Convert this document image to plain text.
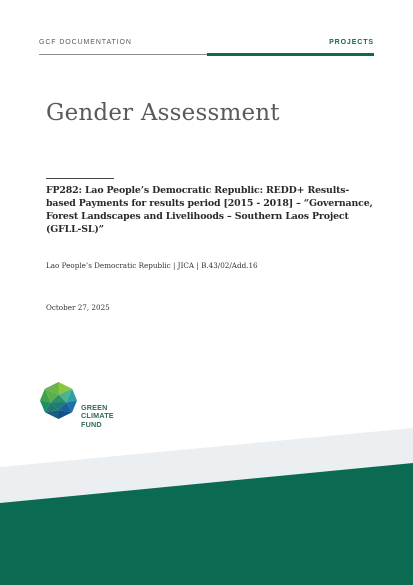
GCF DOCUMENTATION	PROJECTS
Gender Assessment
FP282: Lao People’s Democratic Republic: REDD+ Results-based Payments for results period [2015 - 2018] – “Governance, Forest Landscapes and Livelihoods – Southern Laos Project (GFLL-SL)”
Lao People’s Democratic Republic | JICA | B.43/02/Add.16
October 27, 2025
GREEN
CLIMATE
FUND
